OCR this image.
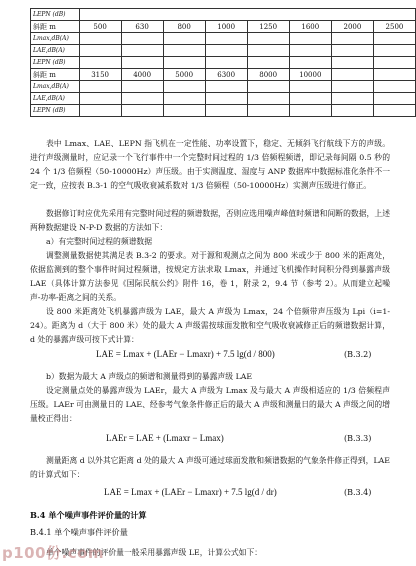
LEPN (dB)								
斜距 m	500	630	800	1000	1250	1600	2000	2500
Lmax,dB(A)								
LAE,dB(A)								
LEPN (dB)								
斜距 m	3150	4000	5000	6300	8000	10000		
Lmax,dB(A)								
LAE,dB(A)								
LEPN (dB)								
表中 Lmax、LAE、LEPN 指飞机在一定性能、功率设置下，稳定、无倾斜飞行航线下方的声级。进行声级测量时，应记录一个飞行事件中一个完整时间过程的 1/3 倍频程频谱，即记录每间隔 0.5 秒的 24 个 1/3 倍频程（50-10000Hz）声压级。由于实测温度、湿度与 ANP 数据库中数据标准化条件不一定一致，应按表 B.3-1 的空气吸收衰减系数对 1/3 倍频程（50-10000Hz）实测声压级进行修正。
数据修订时应优先采用有完整时间过程的频谱数据，否则应选用噪声峰值时频谱和间断的数据，上述两种数据建设 N-P-D 数据的方法如下：
a）有完整时间过程的频谱数据
调整测量数据使其满足表 B.3-2 的要求。对于源和观测点之间为 800 米或少于 800 米的距离处，依据监测到的整个事件时间过程频谱，按规定方法求取 Lmax，并通过飞机操作时间积分得到暴露声级 LAE（具体计算方法参见《国际民航公约》附件 16，卷 1，附录 2，9.4 节（参考 2）。从而建立起噪声-功率-距离之间的关系。
设 800 米距离处飞机暴露声级为 LAE，最大 A 声级为 Lmax，24 个倍频带声压级为 Lpi（i=1-24）。距离为 d（大于 800 米）处的最大 A 声级需按球面发散和空气吸收衰减修正后的频谱数据计算，d 处的暴露声级可按下式计算：
LAE = Lmax + (LAEr − Lmaxr) + 7.5 lg(d / 800)	(B.3.2)
b）数据为最大 A 声级点的频谱和测量得到的暴露声级 LAE
设定测量点处的暴露声级为 LAEr，最大 A 声级为 Lmax 及与最大 A 声级相适应的 1/3 倍频程声压级。LAEr 可由测量日的 LAE、经参考气象条件修正后的最大 A 声级和测量日的最大 A 声级之间的增量校正得出：
LAEr = LAE + (Lmaxr − Lmax)	(B.3.3)
测量距离 d 以外其它距离 d 处的最大 A 声级可通过球面发散和频谱数据的气象条件修正得到，LAE 的计算式如下：
LAE = Lmax + (LAEr − Lmaxr) + 7.5 lg(d / dr)	(B.3.4)
B.4 单个噪声事件评价量的计算
B.4.1 单个噪声事件评价量
单个噪声事件的评价量一般采用暴露声级 LE，计算公式如下：
p100份.com
